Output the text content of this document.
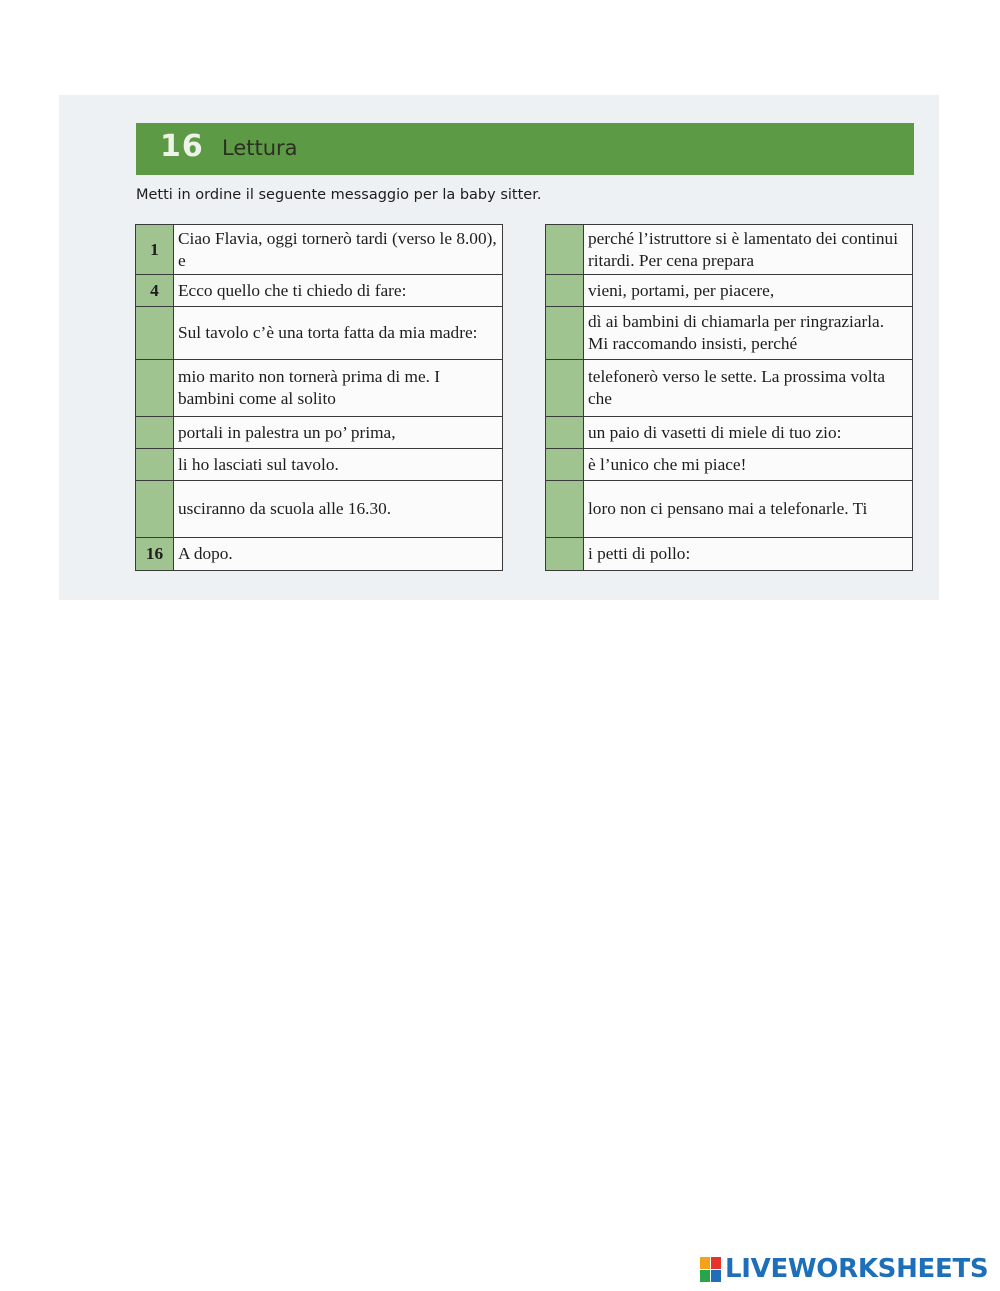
16 Lettura
Metti in ordine il seguente messaggio per la baby sitter.
1	Ciao Flavia, oggi tornerò tardi (verso le 8.00), e
4	Ecco quello che ti chiedo di fare:
	Sul tavolo c’è una torta fatta da mia madre:
	mio marito non tornerà prima di me. I bambini come al solito
	portali in palestra un po’ prima,
	li ho lasciati sul tavolo.
	usciranno da scuola alle 16.30.
16	A dopo.
	perché l’istruttore si è lamentato dei continui ritardi. Per cena prepara
	vieni, portami, per piacere,
	dì ai bambini di chiamarla per ringraziarla. Mi raccomando insisti, perché
	telefonerò verso le sette. La prossima volta che
	un paio di vasetti di miele di tuo zio:
	è l’unico che mi piace!
	loro non ci pensano mai a telefonarle. Ti
	i petti di pollo:
LIVEWORKSHEETS
